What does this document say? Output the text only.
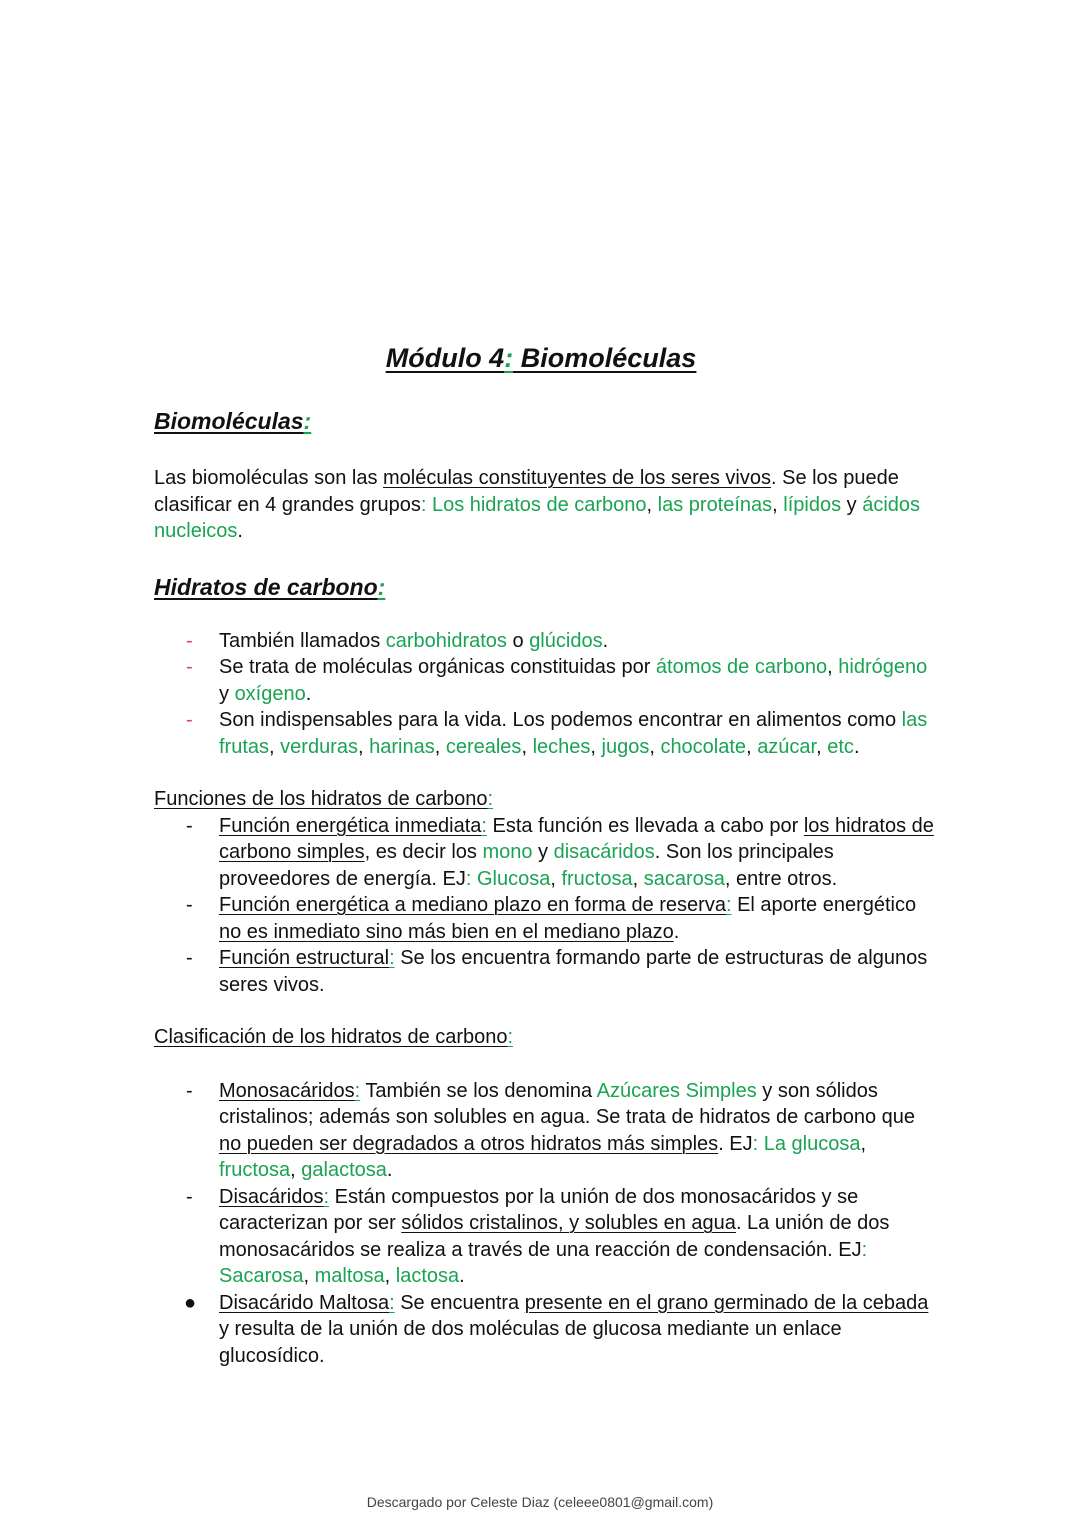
Módulo 4: Biomoléculas
Biomoléculas:

Las biomoléculas son las moléculas constituyentes de los seres vivos. Se los puede clasificar en 4 grandes grupos: Los hidratos de carbono, las proteínas, lípidos y ácidos nucleicos.

Hidratos de carbono:
- También llamados carbohidratos o glúcidos.
- Se trata de moléculas orgánicas constituidas por átomos de carbono, hidrógeno y oxígeno.
- Son indispensables para la vida. Los podemos encontrar en alimentos como las frutas, verduras, harinas, cereales, leches, jugos, chocolate, azúcar, etc.

Funciones de los hidratos de carbono:

- Función energética inmediata: Esta función es llevada a cabo por los hidratos de carbono simples, es decir los mono y disacáridos. Son los principales proveedores de energía. EJ: Glucosa, fructosa, sacarosa, entre otros.
- Función energética a mediano plazo en forma de reserva: El aporte energético no es inmediato sino más bien en el mediano plazo.
- Función estructural: Se los encuentra formando parte de estructuras de algunos seres vivos.

Clasificación de los hidratos de carbono:

- Monosacáridos: También se los denomina Azúcares Simples y son sólidos cristalinos; además son solubles en agua. Se trata de hidratos de carbono que no pueden ser degradados a otros hidratos más simples. EJ: La glucosa, fructosa, galactosa.
- Disacáridos: Están compuestos por la unión de dos monosacáridos y se caracterizan por ser sólidos cristalinos, y solubles en agua. La unión de dos monosacáridos se realiza a través de una reacción de condensación. EJ: Sacarosa, maltosa, lactosa.
● Disacárido Maltosa: Se encuentra presente en el grano germinado de la cebada y resulta de la unión de dos moléculas de glucosa mediante un enlace glucosídico.
Descargado por Celeste Diaz (celeee0801@gmail.com)
